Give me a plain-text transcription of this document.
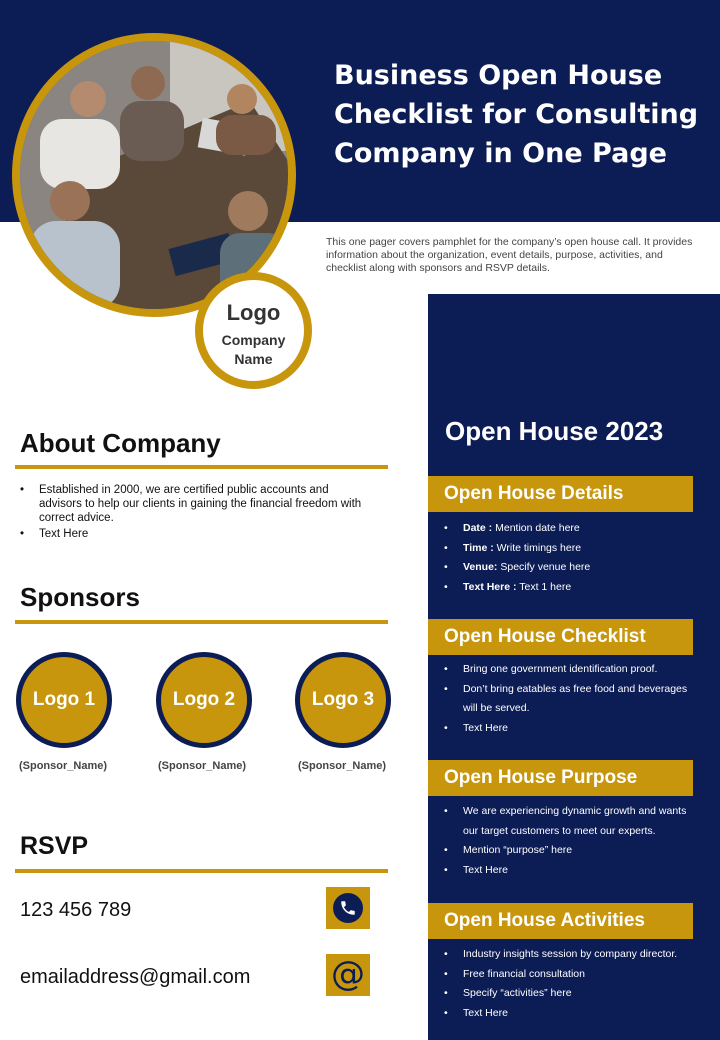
Business Open House Checklist for Consulting Company in One Page

This one pager covers pamphlet for the company’s open house call. It provides information about the organization, event details, purpose, activities, and checklist along with sponsors and RSVP details.

Logo
Company Name
About Company
• Established in 2000, we are certified public accounts and advisors to help our clients in gaining the financial freedom with correct advice.
• Text Here
Sponsors
Logo 1	Logo 2	Logo 3
(Sponsor_Name)	(Sponsor_Name)	(Sponsor_Name)
RSVP
123 456 789
emailaddress@gmail.com @
Open House 2023
Open House Details
• Date : Mention date here
• Time : Write timings here
• Venue: Specify venue here
• Text Here : Text 1 here
Open House Checklist
• Bring one government identification proof.
• Don’t bring eatables as free food and beverages will be served.
• Text Here
Open House Purpose
• We are experiencing dynamic growth and wants our target customers to meet our experts.
• Mention “purpose” here
• Text Here
Open House Activities
• Industry insights session by company director.
• Free financial consultation
• Specify “activities” here
• Text Here
